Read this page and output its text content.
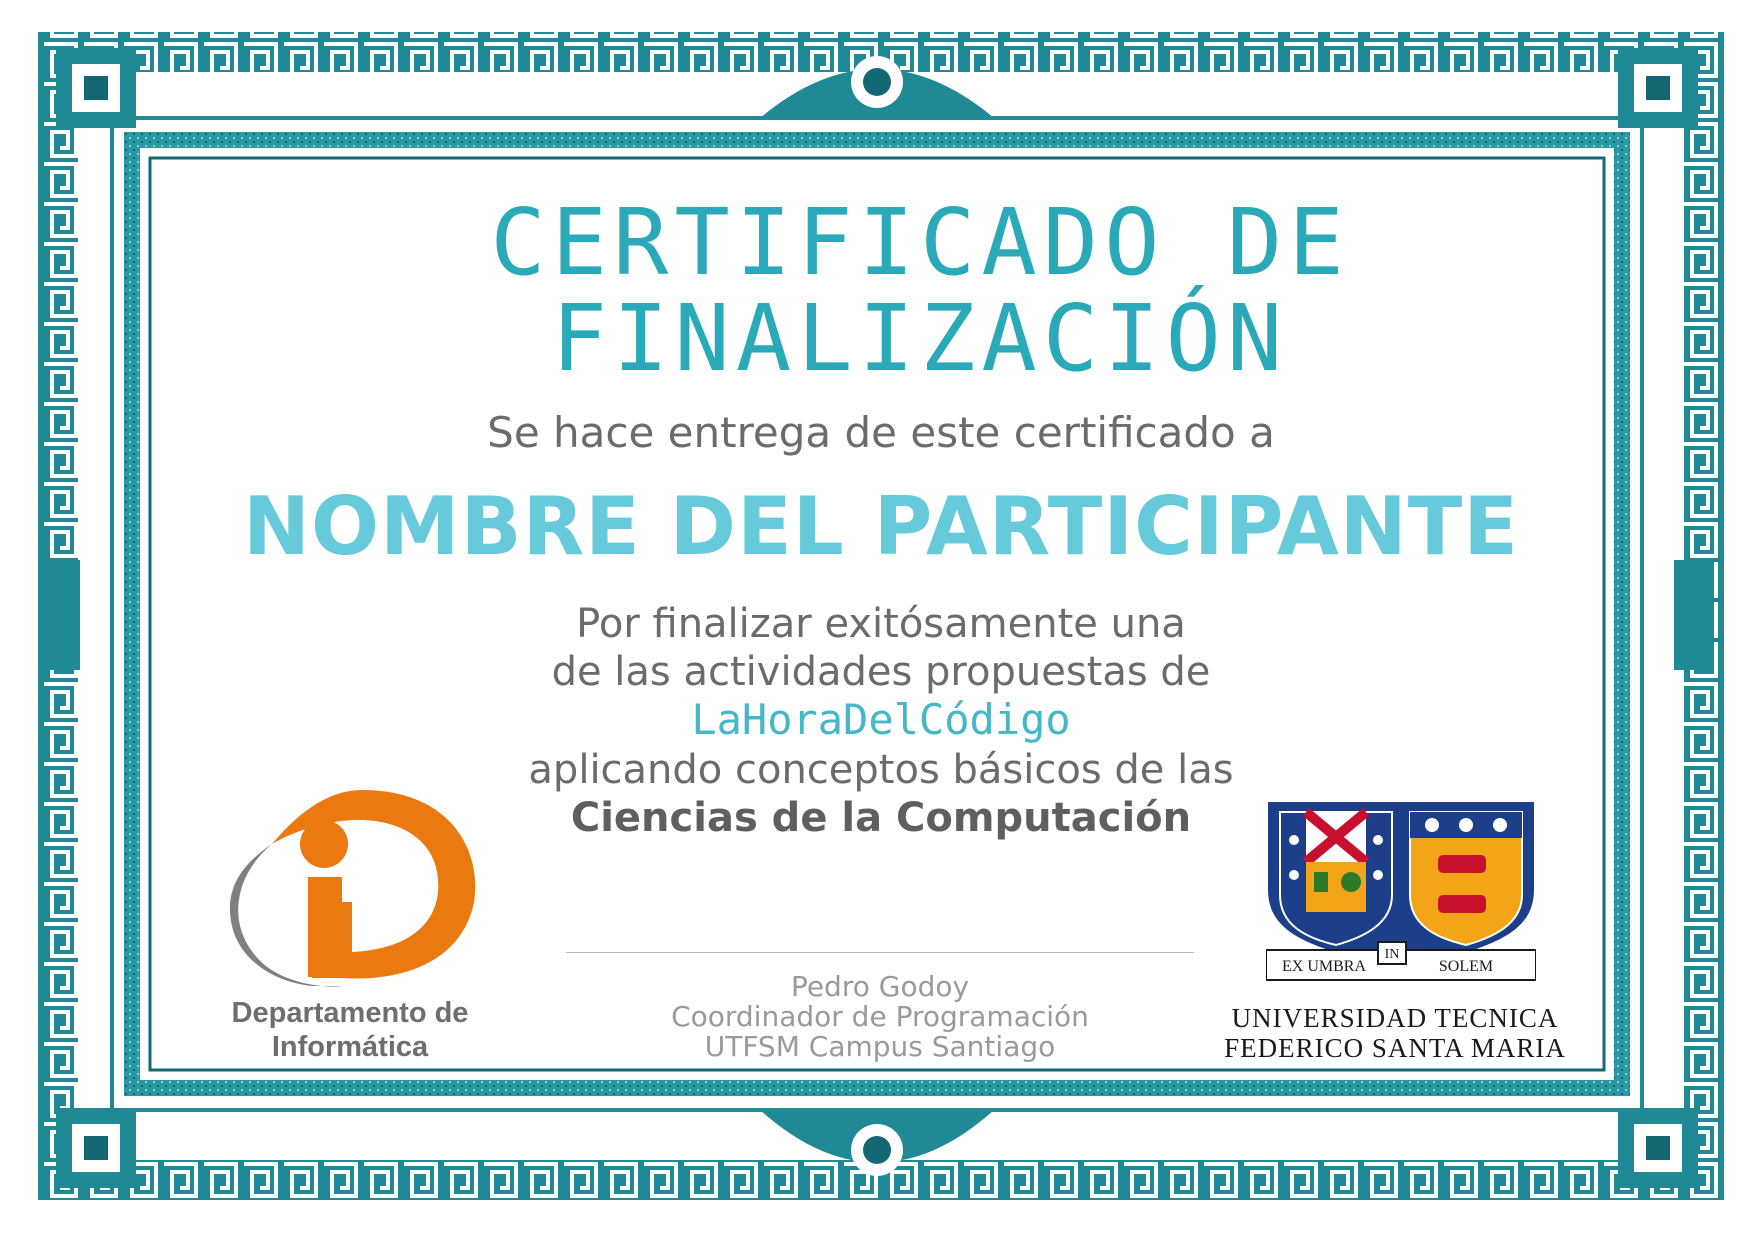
CERTIFICADO DE
FINALIZACIÓN
Se hace entrega de este certificado a
NOMBRE DEL PARTICIPANTE
Por finalizar exitósamente una
de las actividades propuestas de
LaHoraDelCódigo
aplicando conceptos básicos de las
Ciencias de la Computación
Departamento de
Informática
Pedro Godoy
Coordinador de Programación
UTFSM Campus Santiago
EX UMBRA
IN
SOLEM
UNIVERSIDAD TECNICA
FEDERICO SANTA MARIA
